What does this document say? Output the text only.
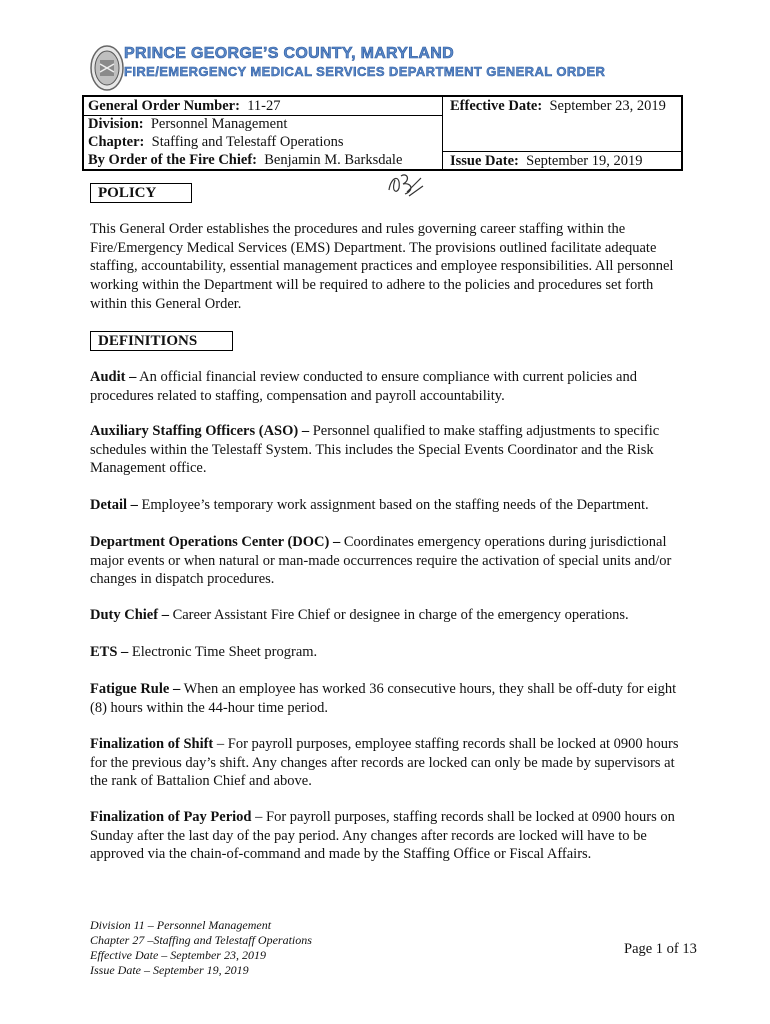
PRINCE GEORGE’S COUNTY, MARYLAND
FIRE/EMERGENCY MEDICAL SERVICES DEPARTMENT GENERAL ORDER
General Order Number: 11-27
Division: Personnel Management
Chapter: Staffing and Telestaff Operations
By Order of the Fire Chief: Benjamin M. Barksdale
Effective Date: September 23, 2019
Issue Date: September 19, 2019
POLICY

This General Order establishes the procedures and rules governing career staffing within the Fire/Emergency Medical Services (EMS) Department. The provisions outlined facilitate adequate staffing, accountability, essential management practices and employee responsibilities. All personnel working within the Department will be required to adhere to the policies and procedures set forth within this General Order.

DEFINITIONS

Audit – An official financial review conducted to ensure compliance with current policies and procedures related to staffing, compensation and payroll accountability.

Auxiliary Staffing Officers (ASO) – Personnel qualified to make staffing adjustments to specific schedules within the Telestaff System. This includes the Special Events Coordinator and the Risk Management office.

Detail – Employee’s temporary work assignment based on the staffing needs of the Department.

Department Operations Center (DOC) – Coordinates emergency operations during jurisdictional major events or when natural or man-made occurrences require the activation of special units and/or changes in dispatch procedures.

Duty Chief – Career Assistant Fire Chief or designee in charge of the emergency operations.

ETS – Electronic Time Sheet program.

Fatigue Rule – When an employee has worked 36 consecutive hours, they shall be off-duty for eight (8) hours within the 44-hour time period.

Finalization of Shift – For payroll purposes, employee staffing records shall be locked at 0900 hours for the previous day’s shift. Any changes after records are locked can only be made by supervisors at the rank of Battalion Chief and above.

Finalization of Pay Period – For payroll purposes, staffing records shall be locked at 0900 hours on Sunday after the last day of the pay period. Any changes after records are locked will have to be approved via the chain-of-command and made by the Staffing Office or Fiscal Affairs.

Division 11 – Personnel Management
Chapter 27 –Staffing and Telestaff Operations
Effective Date – September 23, 2019
Issue Date – September 19, 2019
Page 1 of 13
